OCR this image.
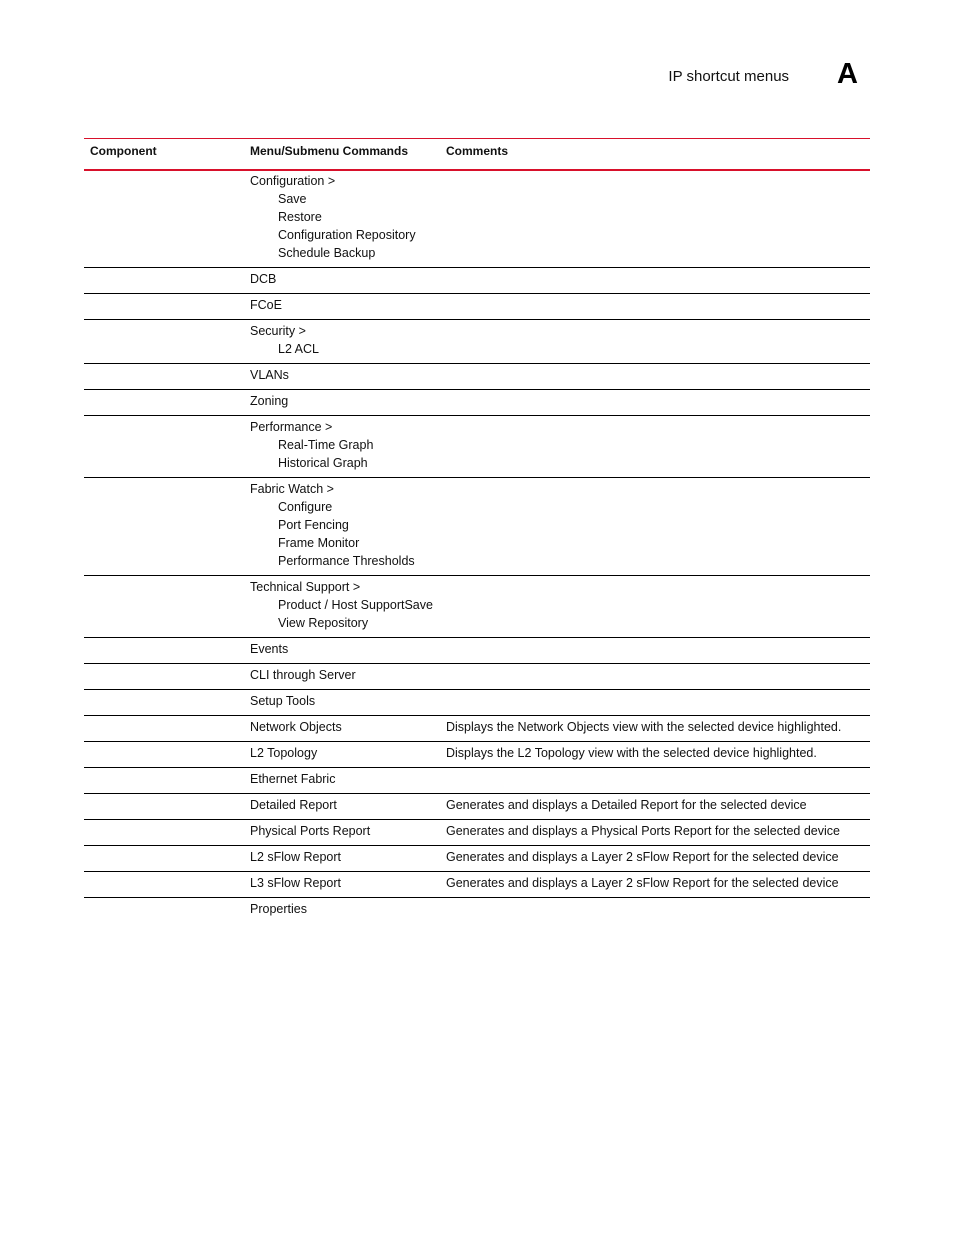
IP shortcut menus A
Component	Menu/Submenu Commands	Comments

	Configuration >
Save
Restore
Configuration Repository
Schedule Backup	

	DCB	

	FCoE	

	Security >
L2 ACL	

	VLANs	

	Zoning	

	Performance >
Real-Time Graph
Historical Graph	

	Fabric Watch >
Configure
Port Fencing
Frame Monitor
Performance Thresholds	

	Technical Support >
Product / Host SupportSave
View Repository	

	Events	

	CLI through Server	

	Setup Tools	

	Network Objects	Displays the Network Objects view with the selected device highlighted.

	L2 Topology	Displays the L2 Topology view with the selected device highlighted.

	Ethernet Fabric	

	Detailed Report	Generates and displays a Detailed Report for the selected device

	Physical Ports Report	Generates and displays a Physical Ports Report for the selected device

	L2 sFlow Report	Generates and displays a Layer 2 sFlow Report for the selected device

	L3 sFlow Report	Generates and displays a Layer 2 sFlow Report for the selected device

	Properties	
